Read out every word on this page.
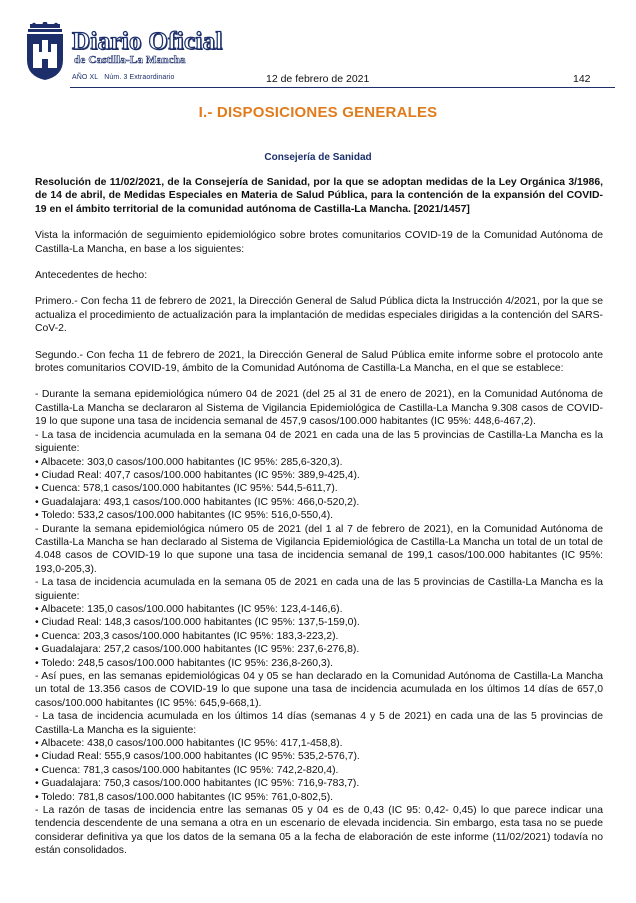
Diario Oficial
de Castilla-La Mancha
AÑO XL Núm. 3 Extraordinario	12 de febrero de 2021	142
I.- DISPOSICIONES GENERALES
Consejería de Sanidad

Resolución de 11/02/2021, de la Consejería de Sanidad, por la que se adoptan medidas de la Ley Orgánica 3/1986, de 14 de abril, de Medidas Especiales en Materia de Salud Pública, para la contención de la expansión del COVID-19 en el ámbito territorial de la comunidad autónoma de Castilla-La Mancha. [2021/1457]

Vista la información de seguimiento epidemiológico sobre brotes comunitarios COVID-19 de la Comunidad Autónoma de Castilla-La Mancha, en base a los siguientes:

Antecedentes de hecho:

Primero.- Con fecha 11 de febrero de 2021, la Dirección General de Salud Pública dicta la Instrucción 4/2021, por la que se actualiza el procedimiento de actualización para la implantación de medidas especiales dirigidas a la contención del SARS-CoV-2.

Segundo.- Con fecha 11 de febrero de 2021, la Dirección General de Salud Pública emite informe sobre el protocolo ante brotes comunitarios COVID-19, ámbito de la Comunidad Autónoma de Castilla-La Mancha, en el que se establece:

- Durante la semana epidemiológica número 04 de 2021 (del 25 al 31 de enero de 2021), en la Comunidad Autónoma de Castilla-La Mancha se declararon al Sistema de Vigilancia Epidemiológica de Castilla-La Mancha 9.308 casos de COVID-19 lo que supone una tasa de incidencia semanal de 457,9 casos/100.000 habitantes (IC 95%: 448,6-467,2).

- La tasa de incidencia acumulada en la semana 04 de 2021 en cada una de las 5 provincias de Castilla-La Mancha es la siguiente:

• Albacete: 303,0 casos/100.000 habitantes (IC 95%: 285,6-320,3).

• Ciudad Real: 407,7 casos/100.000 habitantes (IC 95%: 389,9-425,4).

• Cuenca: 578,1 casos/100.000 habitantes (IC 95%: 544,5-611,7).

• Guadalajara: 493,1 casos/100.000 habitantes (IC 95%: 466,0-520,2).

• Toledo: 533,2 casos/100.000 habitantes (IC 95%: 516,0-550,4).

- Durante la semana epidemiológica número 05 de 2021 (del 1 al 7 de febrero de 2021), en la Comunidad Autónoma de Castilla-La Mancha se han declarado al Sistema de Vigilancia Epidemiológica de Castilla-La Mancha un total de un total de 4.048 casos de COVID-19 lo que supone una tasa de incidencia semanal de 199,1 casos/100.000 habitantes (IC 95%: 193,0-205,3).

- La tasa de incidencia acumulada en la semana 05 de 2021 en cada una de las 5 provincias de Castilla-La Mancha es la siguiente:

• Albacete: 135,0 casos/100.000 habitantes (IC 95%: 123,4-146,6).

• Ciudad Real: 148,3 casos/100.000 habitantes (IC 95%: 137,5-159,0).

• Cuenca: 203,3 casos/100.000 habitantes (IC 95%: 183,3-223,2).

• Guadalajara: 257,2 casos/100.000 habitantes (IC 95%: 237,6-276,8).

• Toledo: 248,5 casos/100.000 habitantes (IC 95%: 236,8-260,3).

- Así pues, en las semanas epidemiológicas 04 y 05 se han declarado en la Comunidad Autónoma de Castilla-La Mancha un total de 13.356 casos de COVID-19 lo que supone una tasa de incidencia acumulada en los últimos 14 días de 657,0 casos/100.000 habitantes (IC 95%: 645,9-668,1).

- La tasa de incidencia acumulada en los últimos 14 días (semanas 4 y 5 de 2021) en cada una de las 5 provincias de Castilla-La Mancha es la siguiente:

• Albacete: 438,0 casos/100.000 habitantes (IC 95%: 417,1-458,8).

• Ciudad Real: 555,9 casos/100.000 habitantes (IC 95%: 535,2-576,7).

• Cuenca: 781,3 casos/100.000 habitantes (IC 95%: 742,2-820,4).

• Guadalajara: 750,3 casos/100.000 habitantes (IC 95%: 716,9-783,7).

• Toledo: 781,8 casos/100.000 habitantes (IC 95%: 761,0-802,5).

- La razón de tasas de incidencia entre las semanas 05 y 04 es de 0,43 (IC 95: 0,42- 0,45) lo que parece indicar una tendencia descendente de una semana a otra en un escenario de elevada incidencia. Sin embargo, esta tasa no se puede considerar definitiva ya que los datos de la semana 05 a la fecha de elaboración de este informe (11/02/2021) todavía no están consolidados.
